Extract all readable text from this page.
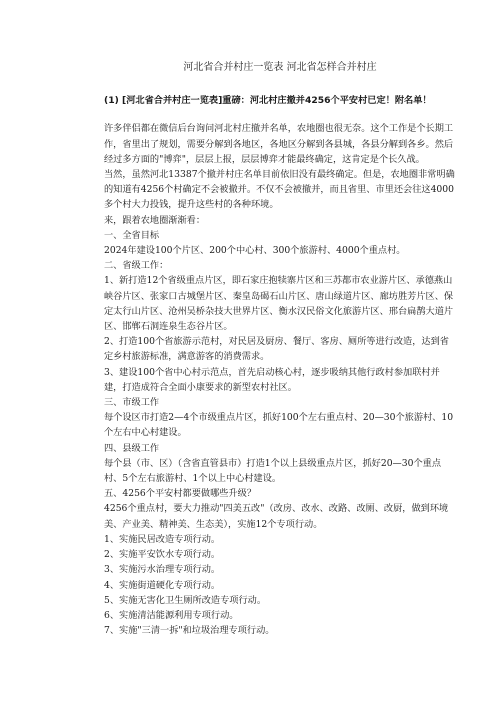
河北省合并村庄一览表 河北省怎样合并村庄
(1) [河北省合并村庄一览表]重磅：河北村庄撤并4256个平安村已定！附名单！

许多伴侣都在微信后台询问河北村庄撤并名单，农地圈也很无奈。这个工作是个长期工作，省里出了规划，需要分解到各地区，各地区分解到各县城，各县分解到各乡。然后经过多方面的"博弈"，层层上报，层层博弈才能最终确定，这肯定是个长久战。

当然，虽然河北13387个撤并村庄名单目前依旧没有最终确定。但是，农地圈非常明确的知道有4256个村确定不会被撤并。不仅不会被撤并，而且省里、市里还会往这4000多个村大力投钱，提升这些村的各种环境。

来，跟着农地圈渐渐看：

一、全省目标

2024年建设100个片区、200个中心村、300个旅游村、4000个重点村。

二、省级工作：

1、新打造12个省级重点片区，即石家庄抱犊寨片区和三苏都市农业游片区、承德燕山峡谷片区、张家口古城堡片区、秦皇岛碣石山片区、唐山绿道片区、廊坊胜芳片区、保定太行山片区、沧州吴桥杂技大世界片区、衡水汉民俗文化旅游片区、邢台扁鹊大道片区、邯郸石洞连泉生态谷片区。

2、打造100个省旅游示范村，对民居及厨房、餐厅、客房、厕所等进行改造，达到省定乡村旅游标准，满意游客的消费需求。

3、建设100个省中心村示范点，首先启动核心村，逐步吸纳其他行政村参加联村并建，打造成符合全面小康要求的新型农村社区。

三、市级工作

每个设区市打造2—4个市级重点片区，抓好100个左右重点村、20—30个旅游村、10个左右中心村建设。

四、县级工作

每个县（市、区）（含省直管县市）打造1个以上县级重点片区，抓好20—30个重点村、5个左右旅游村、1个以上中心村建设。

五、4256个平安村都要做哪些升级？

4256个重点村，要大力推动"四美五改"（改房、改水、改路、改厕、改厨，做到环境美、产业美、精神美、生态美），实施12个专项行动。

1、实施民居改造专项行动。

2、实施平安饮水专项行动。

3、实施污水治理专项行动。

4、实施街道硬化专项行动。

5、实施无害化卫生厕所改造专项行动。

6、实施清洁能源利用专项行动。

7、实施"三清一拆"和垃圾治理专项行动。
